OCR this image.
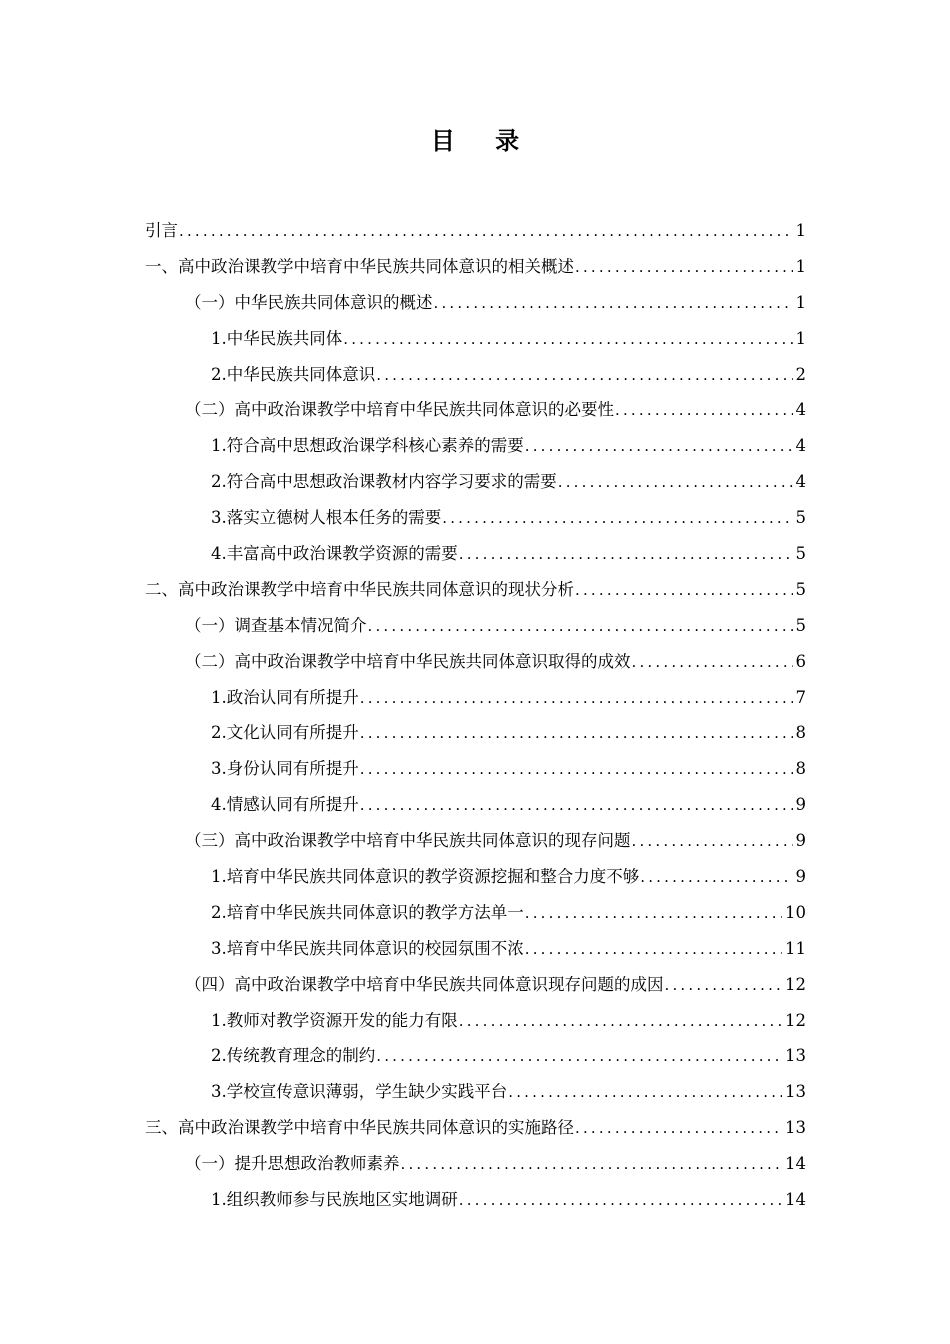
目 录
引言 .....	1
一、高中政治课教学中培育中华民族共同体意识的相关概述 .....	1
（一）中华民族共同体意识的概述 .....	1
1.中华民族共同体 .....	1
2.中华民族共同体意识 .....	2
（二）高中政治课教学中培育中华民族共同体意识的必要性 .....	4
1.符合高中思想政治课学科核心素养的需要 .....	4
2.符合高中思想政治课教材内容学习要求的需要 .....	4
3.落实立德树人根本任务的需要 .....	5
4.丰富高中政治课教学资源的需要 .....	5
二、高中政治课教学中培育中华民族共同体意识的现状分析 .....	5
（一）调查基本情况简介 .....	5
（二）高中政治课教学中培育中华民族共同体意识取得的成效 .....	6
1.政治认同有所提升 .....	7
2.文化认同有所提升 .....	8
3.身份认同有所提升 .....	8
4.情感认同有所提升 .....	9
（三）高中政治课教学中培育中华民族共同体意识的现存问题 .....	9
1.培育中华民族共同体意识的教学资源挖掘和整合力度不够 .....	9
2.培育中华民族共同体意识的教学方法单一 .....	10
3.培育中华民族共同体意识的校园氛围不浓 .....	11
（四）高中政治课教学中培育中华民族共同体意识现存问题的成因 .....	12
1.教师对教学资源开发的能力有限 .....	12
2.传统教育理念的制约 .....	13
3.学校宣传意识薄弱，学生缺少实践平台 .....	13
三、高中政治课教学中培育中华民族共同体意识的实施路径 .....	13
（一）提升思想政治教师素养 .....	14
1.组织教师参与民族地区实地调研 .....	14
